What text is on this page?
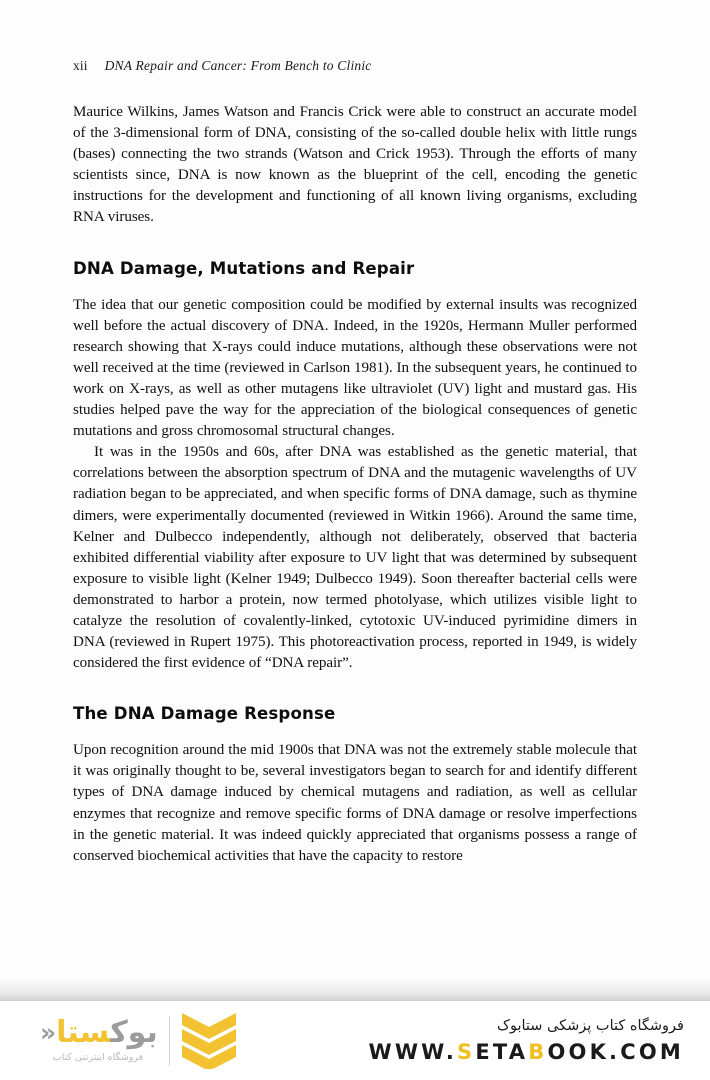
xii DNA Repair and Cancer: From Bench to Clinic

Maurice Wilkins, James Watson and Francis Crick were able to construct an accurate model of the 3-dimensional form of DNA, consisting of the so-called double helix with little rungs (bases) connecting the two strands (Watson and Crick 1953). Through the efforts of many scientists since, DNA is now known as the blueprint of the cell, encoding the genetic instructions for the development and functioning of all known living organisms, excluding RNA viruses.

DNA Damage, Mutations and Repair

The idea that our genetic composition could be modified by external insults was recognized well before the actual discovery of DNA. Indeed, in the 1920s, Hermann Muller performed research showing that X-rays could induce mutations, although these observations were not well received at the time (reviewed in Carlson 1981). In the subsequent years, he continued to work on X-rays, as well as other mutagens like ultraviolet (UV) light and mustard gas. His studies helped pave the way for the appreciation of the biological consequences of genetic mutations and gross chromosomal structural changes.

It was in the 1950s and 60s, after DNA was established as the genetic material, that correlations between the absorption spectrum of DNA and the mutagenic wavelengths of UV radiation began to be appreciated, and when specific forms of DNA damage, such as thymine dimers, were experimentally documented (reviewed in Witkin 1966). Around the same time, Kelner and Dulbecco independently, although not deliberately, observed that bacteria exhibited differential viability after exposure to UV light that was determined by subsequent exposure to visible light (Kelner 1949; Dulbecco 1949). Soon thereafter bacterial cells were demonstrated to harbor a protein, now termed photolyase, which utilizes visible light to catalyze the resolution of covalently-linked, cytotoxic UV-induced pyrimidine dimers in DNA (reviewed in Rupert 1975). This photoreactivation process, reported in 1949, is widely considered the first evidence of “DNA repair”.

The DNA Damage Response

Upon recognition around the mid 1900s that DNA was not the extremely stable molecule that it was originally thought to be, several investigators began to search for and identify different types of DNA damage induced by chemical mutagens and radiation, as well as cellular enzymes that recognize and remove specific forms of DNA damage or resolve imperfections in the genetic material. It was indeed quickly appreciated that organisms possess a range of conserved biochemical activities that have the capacity to restore

بوکستا«
فروشگاه اینترنتی کتاب
فروشگاه کتاب پزشکی ستابوک
WWW.SETABOOK.COM
